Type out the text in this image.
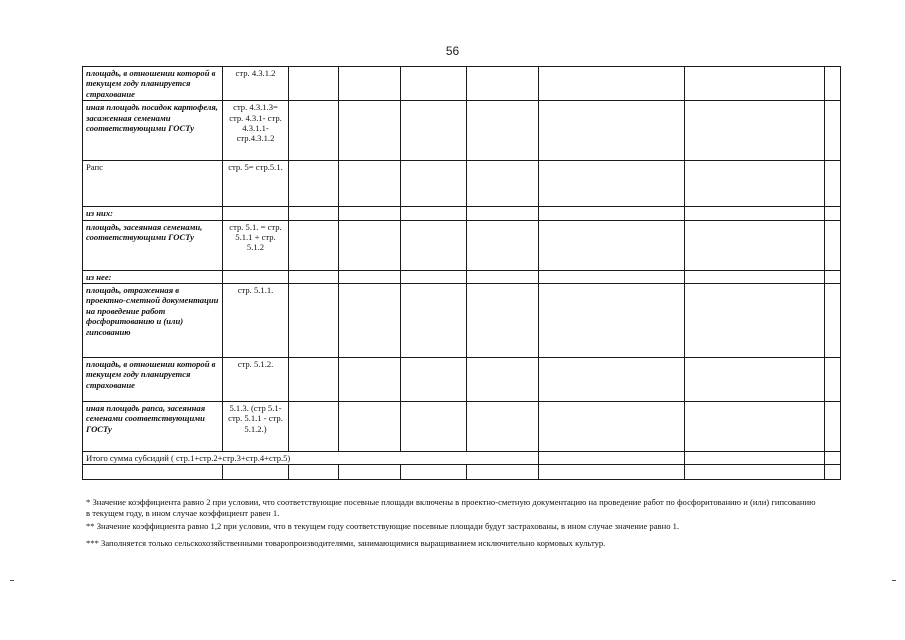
56
площадь, в отношении которой в текущем году планируется страхование	стр. 4.3.1.2							
иная площадь посадок картофеля, засаженная семенами соответствующими ГОСТу	стр. 4.3.1.3= стр. 4.3.1- стр. 4.3.1.1- стр.4.3.1.2							
Рапс	стр. 5= стр.5.1.							
из них:								
площадь, засеянная семенами, соответствующими ГОСТу	стр. 5.1. = стр. 5.1.1 + стр. 5.1.2							
из нее:								
площадь, отраженная в проектно-сметной документации на проведение работ фосфоритованию и (или) гипсованию	стр. 5.1.1.							
площадь, в отношении которой в текущем году планируется страхование	стр. 5.1.2.							
иная площадь рапса, засеянная семенами соответствующими ГОСТу	5.1.3. (стр 5.1-стр. 5.1.1 - стр. 5.1.2.)							
Итого сумма субсидий ( стр.1+стр.2+стр.3+стр.4+стр.5)								

* Значение коэффициента равно 2 при условии, что соответствующие посевные площади включены в проектно-сметную документацию на проведение работ по фосфоритованию и (или) гипсованию в текущем году, в ином случае коэффициент равен 1.

** Значение коэффициента равно 1,2 при условии, что в текущем году соответствующие посевные площади будут застрахованы, в ином случае значение равно 1.

*** Заполняется только сельскохозяйственными товаропроизводителями, занимающимися выращиванием исключительно кормовых культур.
